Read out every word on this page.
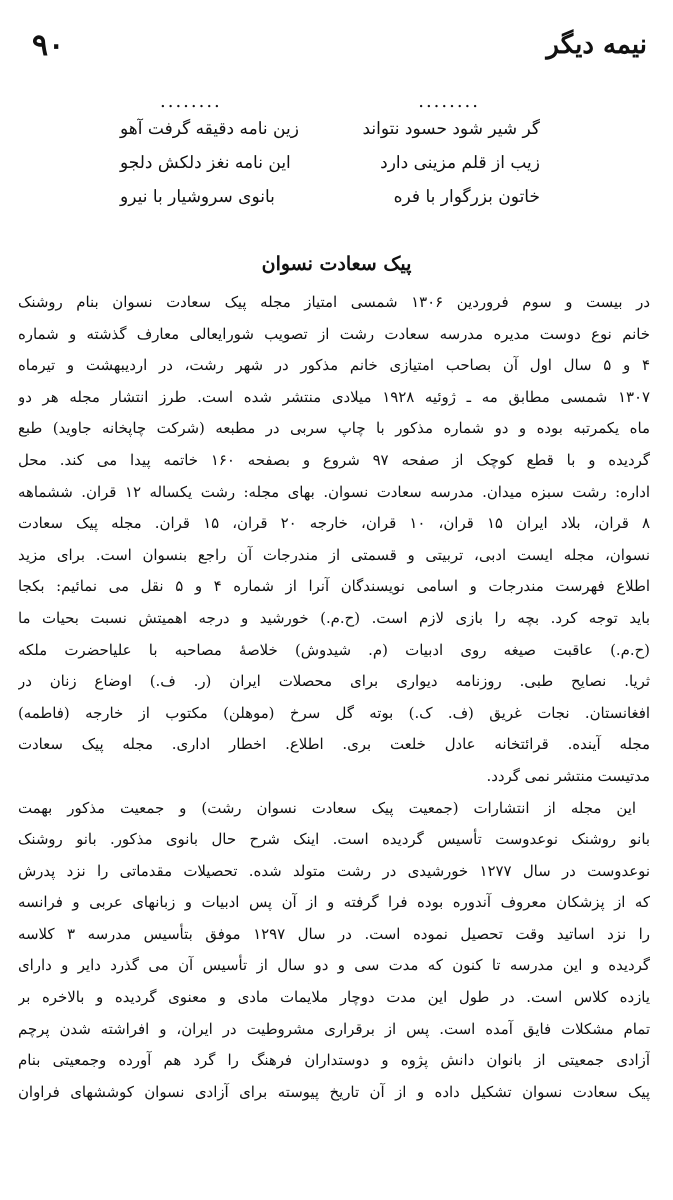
۹۰	نیمه دیگر
........
........
گر شیر شود حسود نتواند
زین نامه دقیقه گرفت آهو
زیب از قلم مزینی دارد
این نامه نغز دلکش دلجو
خاتون بزرگوار با فره
بانوی سروشیار با نیرو
پیک سعادت نسوان
در بیست و سوم فروردین ۱۳۰۶ شمسی امتیاز مجله پیک سعادت نسوان بنام روشنک
خانم نوع دوست مدیره مدرسه سعادت رشت از تصویب شورایعالی معارف گذشته و شماره
۴ و ۵ سال اول آن بصاحب امتیازی خانم مذکور در شهر رشت، در اردیبهشت و تیرماه
۱۳۰۷ شمسی مطابق مه ـ ژوئیه ۱۹۲۸ میلادی منتشر شده است. طرز انتشار مجله هر دو
ماه یکمرتبه بوده و دو شماره مذکور با چاپ سربی در مطبعه (شرکت چاپخانه جاوید) طبع
گردیده و با قطع کوچک از صفحه ۹۷ شروع و بصفحه ۱۶۰ خاتمه پیدا می کند. محل
اداره: رشت سبزه میدان. مدرسه سعادت نسوان. بهای مجله: رشت یکساله ۱۲ قران. ششماهه
۸ قران، بلاد ایران ۱۵ قران، ۱۰ قران، خارجه ۲۰ قران، ۱۵ قران. مجله پیک سعادت
نسوان، مجله ایست ادبی، تربیتی و قسمتی از مندرجات آن راجع بنسوان است. برای مزید
اطلاع فهرست مندرجات و اسامی نویسندگان آنرا از شماره ۴ و ۵ نقل می نمائیم: بکجا
باید توجه کرد. بچه را بازی لازم است. (ح.م.) خورشید و درجه اهمیتش نسبت بحیات ما
(ح.م.) عاقبت صیغه روی ادبیات (م. شیدوش) خلاصهٔ مصاحبه با علیاحضرت ملکه
ثریا. نصایح طبی. روزنامه دیواری برای محصلات ایران (ر. ف.) اوضاع زنان در
افغانستان. نجات غریق (ف. ک.) بوته گل سرخ (موهلن) مکتوب از خارجه (فاطمه)
مجله آینده. قرائتخانه عادل خلعت بری. اطلاع. اخطار اداری. مجله پیک سعادت
مدتیست منتشر نمی گردد.
این مجله از انتشارات (جمعیت پیک سعادت نسوان رشت) و جمعیت مذکور بهمت
بانو روشنک نوعدوست تأسیس گردیده است. اینک شرح حال بانوی مذکور. بانو روشنک
نوعدوست در سال ۱۲۷۷ خورشیدی در رشت متولد شده. تحصیلات مقدماتی را نزد پدرش
که از پزشکان معروف آندوره بوده فرا گرفته و از آن پس ادبیات و زبانهای عربی و فرانسه
را نزد اساتید وقت تحصیل نموده است. در سال ۱۲۹۷ موفق بتأسیس مدرسه ۳ کلاسه
گردیده و این مدرسه تا کنون که مدت سی و دو سال از تأسیس آن می گذرد دایر و دارای
یازده کلاس است. در طول این مدت دوچار ملایمات مادی و معنوی گردیده و بالاخره بر
تمام مشکلات فایق آمده است. پس از برقراری مشروطیت در ایران، و افراشته شدن پرچم
آزادی جمعیتی از بانوان دانش پژوه و دوستداران فرهنگ را گرد هم آورده وجمعیتی بنام
پیک سعادت نسوان تشکیل داده و از آن تاریخ پیوسته برای آزادی نسوان کوششهای فراوان
